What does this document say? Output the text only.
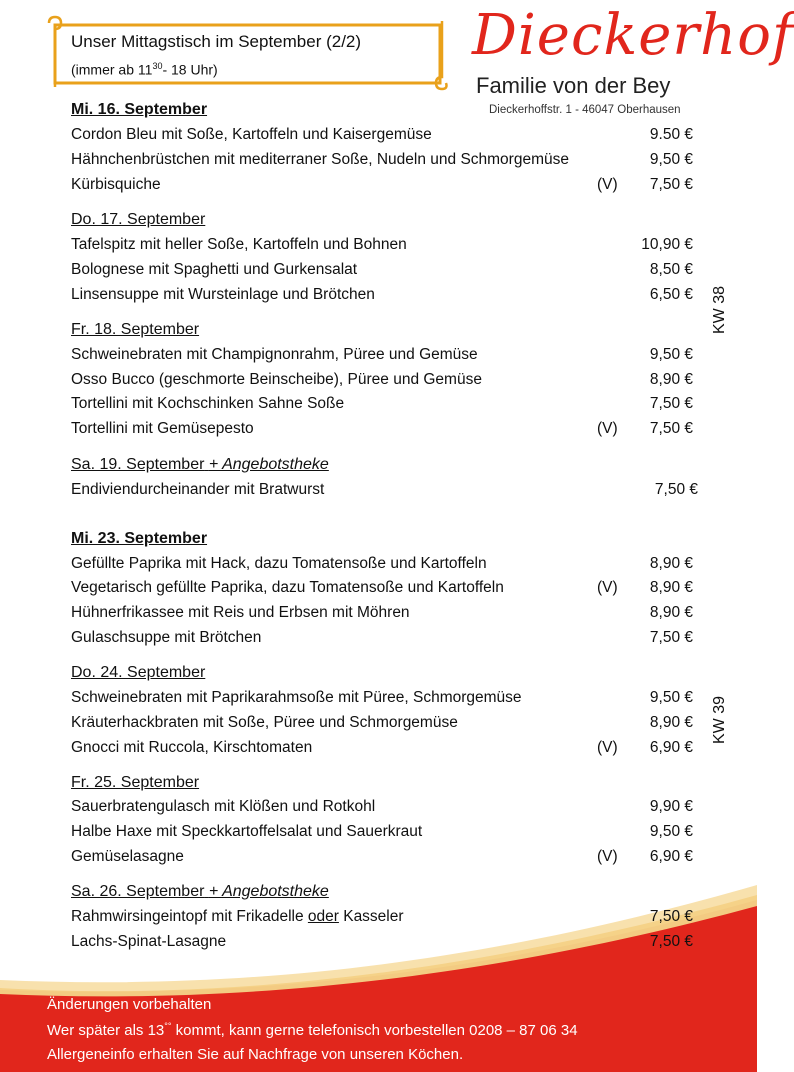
Unser Mittagstisch im September (2/2)
(immer ab $11^{30}-$ 18 Uhr)
Dieckerhof
Familie von der Bey
Dieckerhoffstr. 1 - 46047 Oberhausen
KW 38
KW 39
Mi. 16. September
Cordon Bleu mit Soße, Kartoffeln und Kaisergemüse	9.50 €
Hähnchenbrüstchen mit mediterraner Soße, Nudeln und Schmorgemüse	9,50 €
Kürbisquiche	(V) 7,50 €
Do. 17. September
Tafelspitz mit heller Soße, Kartoffeln und Bohnen	10,90 €
Bolognese mit Spaghetti und Gurkensalat	8,50 €
Linsensuppe mit Wursteinlage und Brötchen	6,50 €
Fr. 18. September
Schweinebraten mit Champignonrahm, Püree und Gemüse	9,50 €
Osso Bucco (geschmorte Beinscheibe), Püree und Gemüse	8,90 €
Tortellini mit Kochschinken Sahne Soße	7,50 €
Tortellini mit Gemüsepesto	(V) 7,50 €
Sa. 19. September + Angebotstheke
Endiviendurcheinander mit Bratwurst	7,50 €
Mi. 23. September
Gefüllte Paprika mit Hack, dazu Tomatensoße und Kartoffeln	8,90 €
Vegetarisch gefüllte Paprika, dazu Tomatensoße und Kartoffeln	(V) 8,90 €
Hühnerfrikassee mit Reis und Erbsen mit Möhren	8,90 €
Gulaschsuppe mit Brötchen	7,50 €
Do. 24. September
Schweinebraten mit Paprikarahmsoße mit Püree, Schmorgemüse	9,50 €
Kräuterhackbraten mit Soße, Püree und Schmorgemüse	8,90 €
Gnocci mit Ruccola, Kirschtomaten	(V) 6,90 €
Fr. 25. September
Sauerbratengulasch mit Klößen und Rotkohl	9,90 €
Halbe Haxe mit Speckkartoffelsalat und Sauerkraut	9,50 €
Gemüselasagne	(V) 6,90 €
Sa. 26. September + Angebotstheke
Rahmwirsingeintopf mit Frikadelle oder Kasseler	7,50 €
Lachs-Spinat-Lasagne	7,50 €
Änderungen vorbehalten
Wer später als 13°° kommt, kann gerne telefonisch vorbestellen 0208 – 87 06 34
Allergeneinfo erhalten Sie auf Nachfrage von unseren Köchen.
